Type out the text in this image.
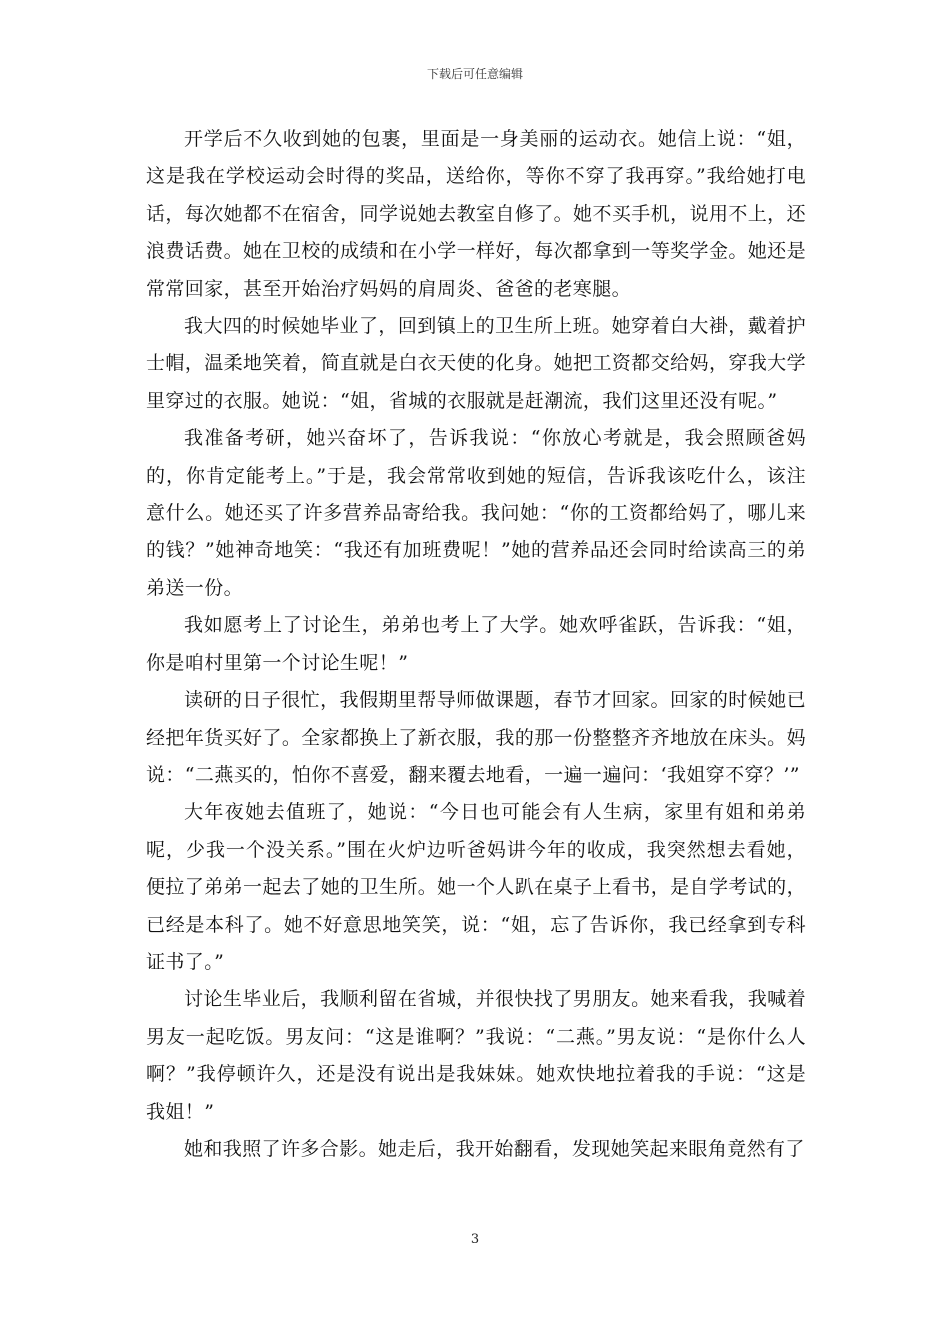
下载后可任意编辑

开学后不久收到她的包裹，里面是一身美丽的运动衣。她信上说：“姐，这是我在学校运动会时得的奖品，送给你，等你不穿了我再穿。”我给她打电话，每次她都不在宿舍，同学说她去教室自修了。她不买手机，说用不上，还浪费话费。她在卫校的成绩和在小学一样好，每次都拿到一等奖学金。她还是常常回家，甚至开始治疗妈妈的肩周炎、爸爸的老寒腿。

我大四的时候她毕业了，回到镇上的卫生所上班。她穿着白大褂，戴着护士帽，温柔地笑着，简直就是白衣天使的化身。她把工资都交给妈，穿我大学里穿过的衣服。她说：“姐，省城的衣服就是赶潮流，我们这里还没有呢。”

我准备考研，她兴奋坏了，告诉我说：“你放心考就是，我会照顾爸妈的，你肯定能考上。”于是，我会常常收到她的短信，告诉我该吃什么，该注意什么。她还买了许多营养品寄给我。我问她：“你的工资都给妈了，哪儿来的钱？”她神奇地笑：“我还有加班费呢！”她的营养品还会同时给读高三的弟弟送一份。

我如愿考上了讨论生，弟弟也考上了大学。她欢呼雀跃，告诉我：“姐，你是咱村里第一个讨论生呢！”

读研的日子很忙，我假期里帮导师做课题，春节才回家。回家的时候她已经把年货买好了。全家都换上了新衣服，我的那一份整整齐齐地放在床头。妈说：“二燕买的，怕你不喜爱，翻来覆去地看，一遍一遍问：‘我姐穿不穿？’”

大年夜她去值班了，她说：“今日也可能会有人生病，家里有姐和弟弟呢，少我一个没关系。”围在火炉边听爸妈讲今年的收成，我突然想去看她，便拉了弟弟一起去了她的卫生所。她一个人趴在桌子上看书，是自学考试的，已经是本科了。她不好意思地笑笑，说：“姐，忘了告诉你，我已经拿到专科证书了。”

讨论生毕业后，我顺利留在省城，并很快找了男朋友。她来看我，我喊着男友一起吃饭。男友问：“这是谁啊？”我说：“二燕。”男友说：“是你什么人啊？”我停顿许久，还是没有说出是我妹妹。她欢快地拉着我的手说：“这是我姐！”

她和我照了许多合影。她走后，我开始翻看，发现她笑起来眼角竟然有了

3
